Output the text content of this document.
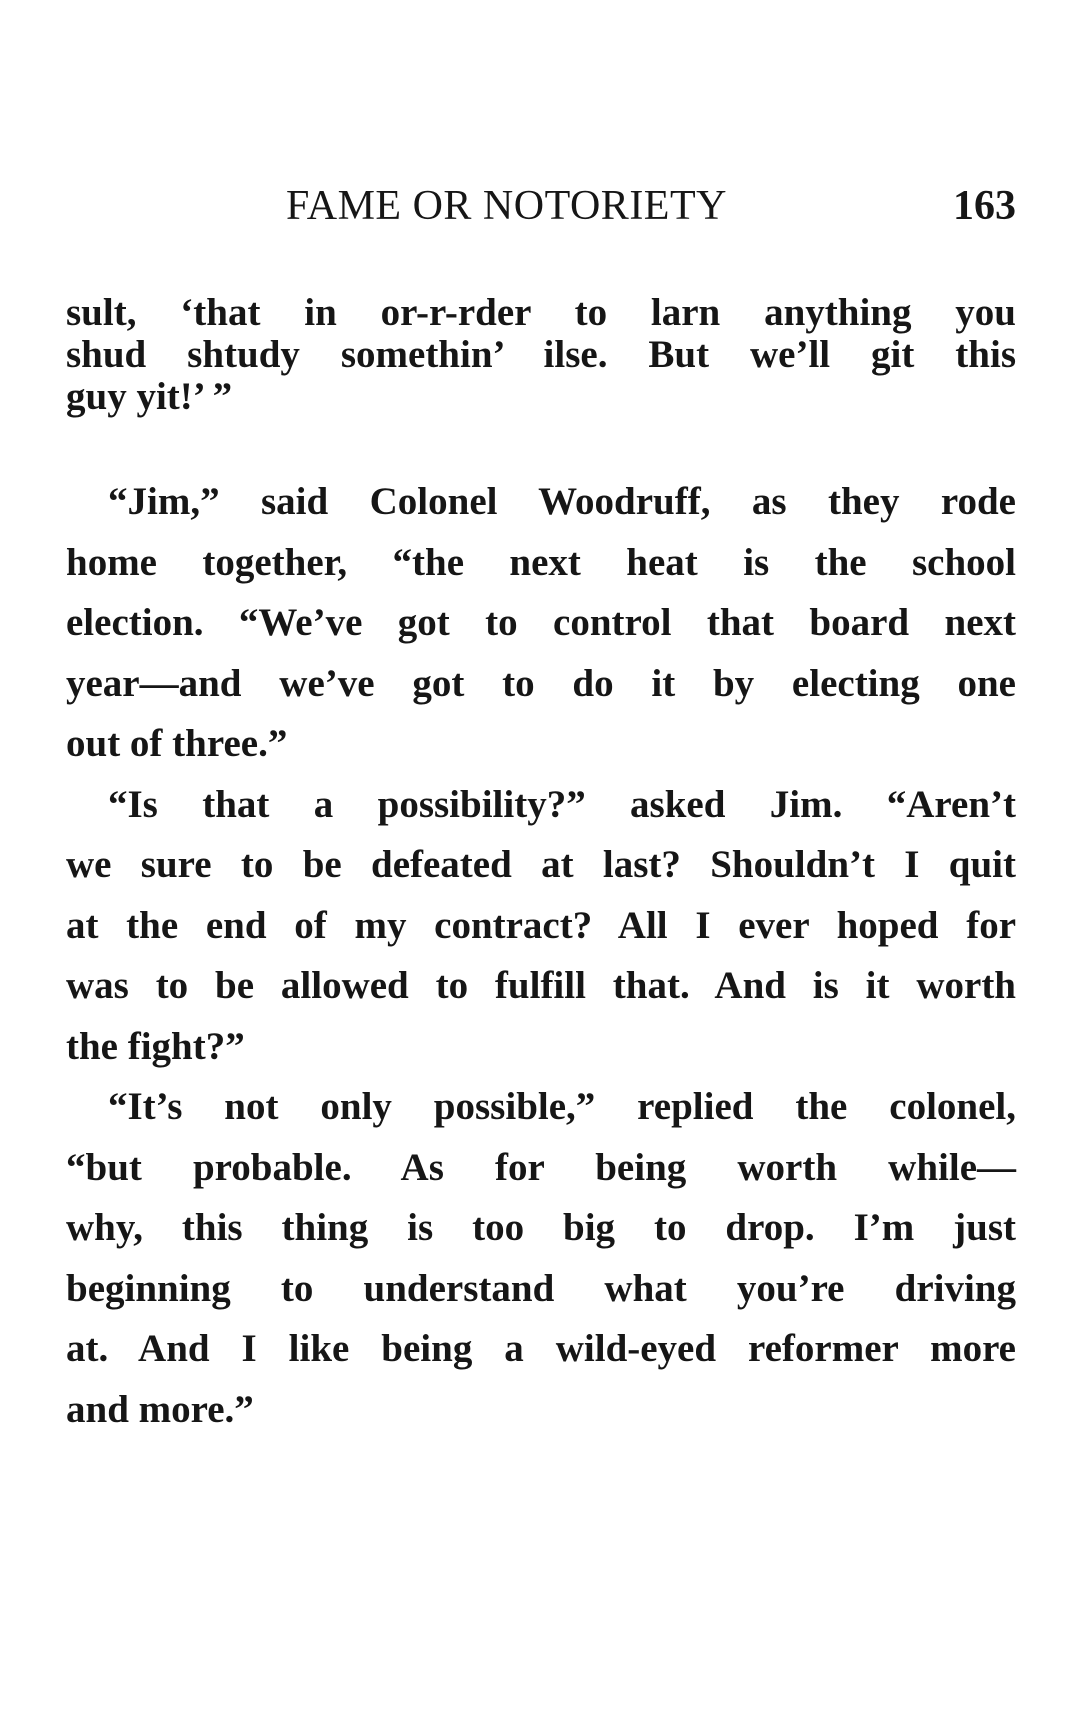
FAME OR NOTORIETY	163
sult, ‘that in or-r-rder to larn anything you
shud shtudy somethin’ ilse. But we’ll git this
guy yit!’ ”
“Jim,” said Colonel Woodruff, as they rode
home together, “the next heat is the school
election. “We’ve got to control that board next
year—and we’ve got to do it by electing one
out of three.”
“Is that a possibility?” asked Jim. “Aren’t
we sure to be defeated at last? Shouldn’t I quit
at the end of my contract? All I ever hoped for
was to be allowed to fulfill that. And is it worth
the fight?”
“It’s not only possible,” replied the colonel,
“but probable. As for being worth while—
why, this thing is too big to drop. I’m just
beginning to understand what you’re driving
at. And I like being a wild-eyed reformer more
and more.”
